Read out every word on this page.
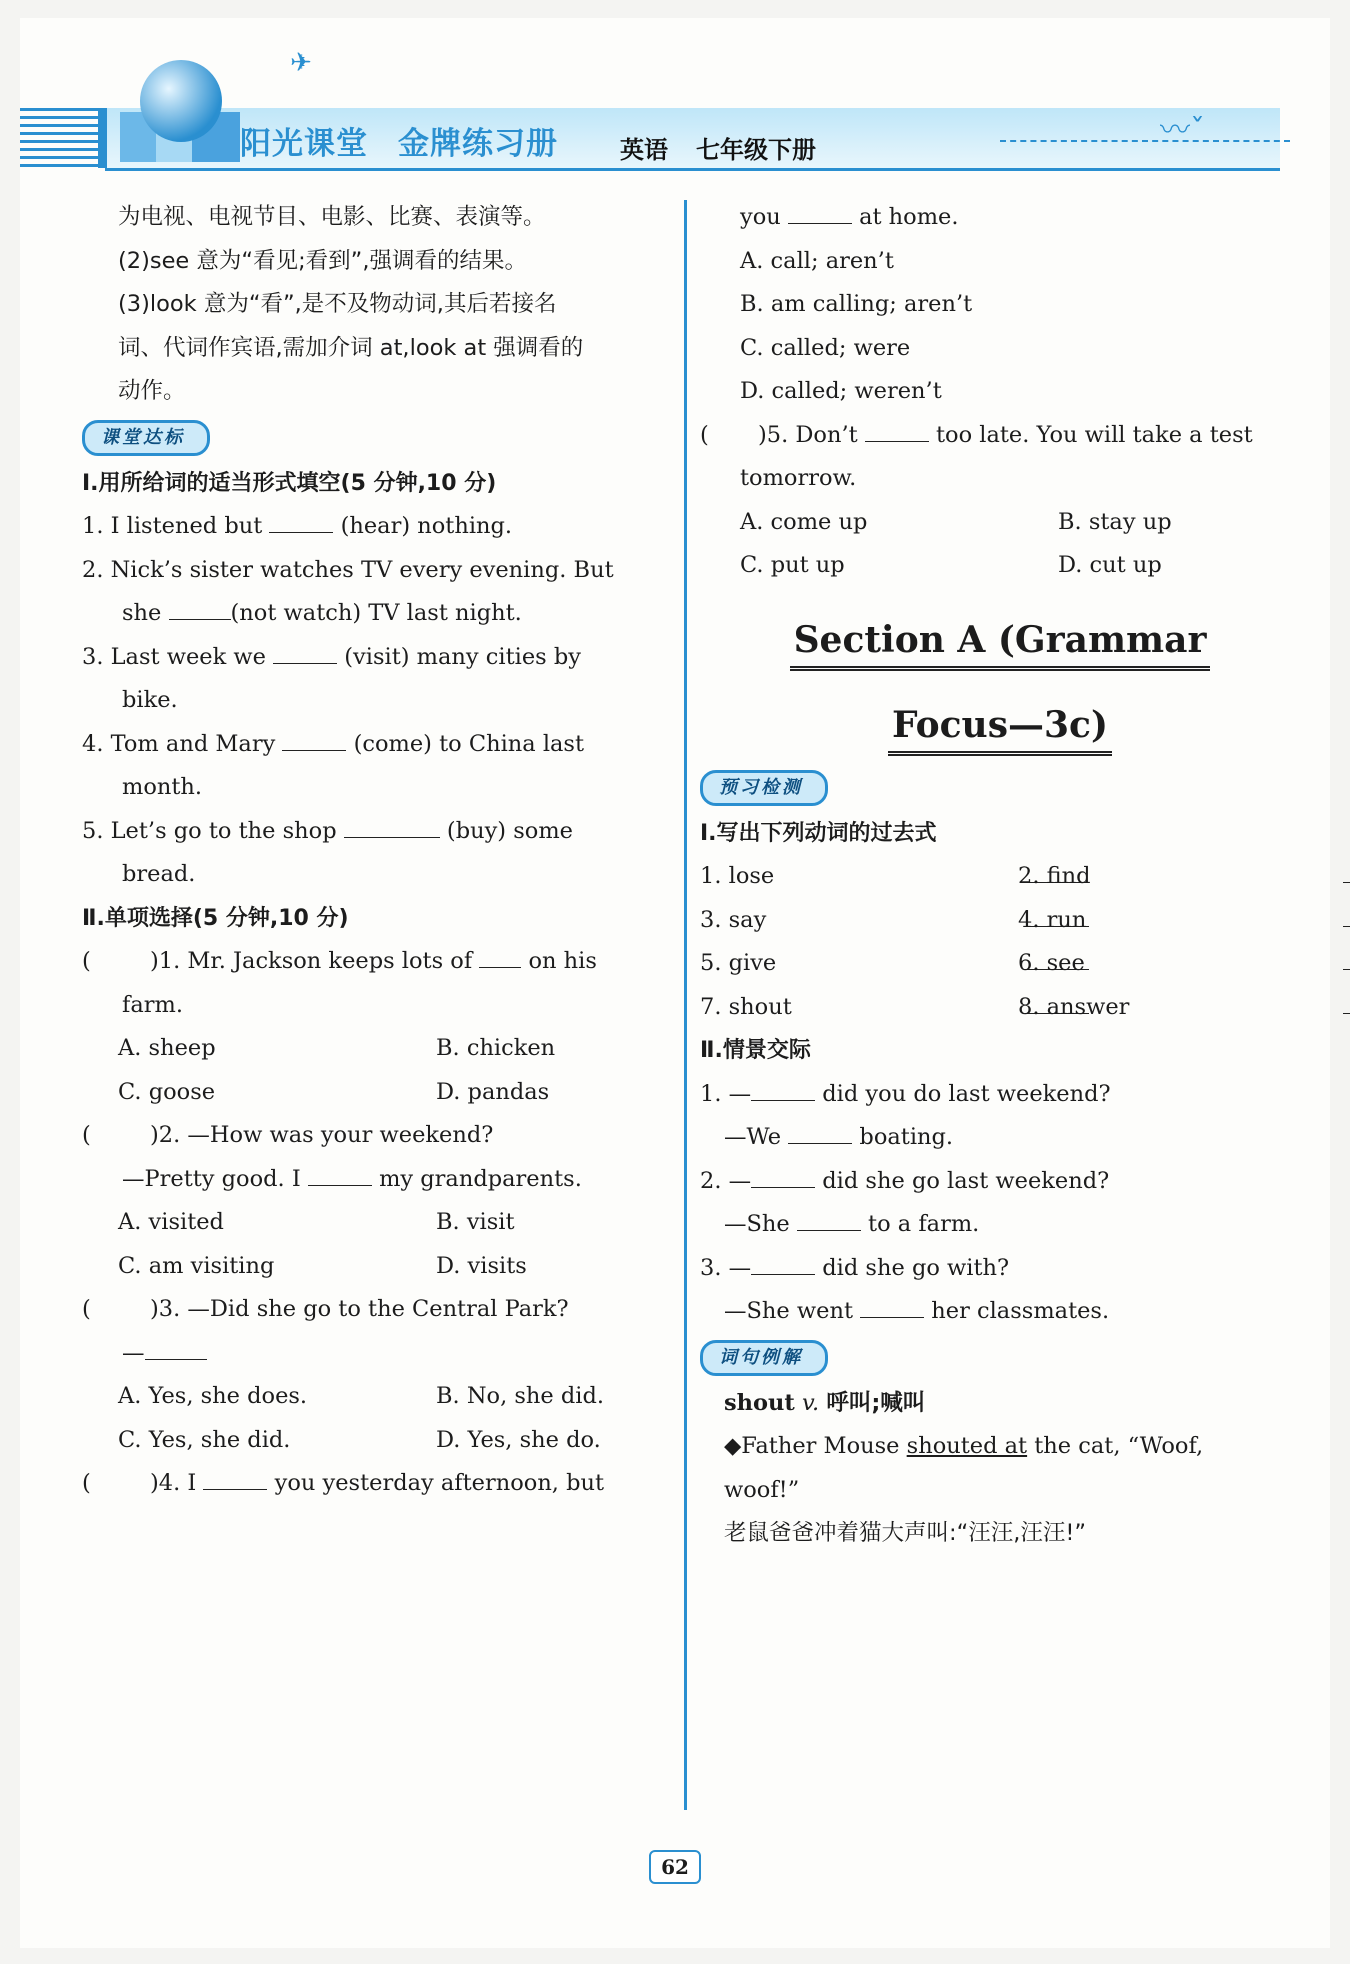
✈
阳光课堂 金牌练习册	英语 七年级下册
〰ˇ

为电视、电视节目、电影、比赛、表演等。

(2)see 意为“看见;看到”,强调看的结果。

(3)look 意为“看”,是不及物动词,其后若接名

词、代词作宾语,需加介词 at,look at 强调看的

动作。

课堂达标

Ⅰ.用所给词的适当形式填空(5 分钟,10 分)

1. I listened but	(hear) nothing.

2. Nick’s sister watches TV every evening. But

she	(not watch) TV last night.

3. Last week we	(visit) many cities by

bike.

4. Tom and Mary	(come) to China last

month.

5. Let’s go to the shop	(buy) some

bread.

Ⅱ.单项选择(5 分钟,10 分)

(	)1. Mr. Jackson keeps lots of	on his

farm.

A. sheep	B. chicken

C. goose	D. pandas

(	)2. —How was your weekend?

—Pretty good. I	my grandparents.

A. visited	B. visit

C. am visiting	D. visits

(	)3. —Did she go to the Central Park?

—

A. Yes, she does.	B. No, she did.

C. Yes, she did.	D. Yes, she do.

(	)4. I	you yesterday afternoon, but

you	at home.

A. call; aren’t

B. am calling; aren’t

C. called; were

D. called; weren’t

( )5. Don’t	too late. You will take a test

tomorrow.

A. come up	B. stay up

C. put up	D. cut up

Section A (Grammar
Focus—3c)
预习检测

Ⅰ.写出下列动词的过去式

1. lose	2. find

3. say	4. run

5. give	6. see

7. shout	8. answer

Ⅱ.情景交际

1. —	did you do last weekend?

—We	boating.

2. —	did she go last weekend?

—She	to a farm.

3. —	did she go with?

—She went	her classmates.

词句例解

shout v. 呼叫;喊叫

◆Father Mouse shouted at the cat, “Woof,

woof!”

老鼠爸爸冲着猫大声叫:“汪汪,汪汪!”

62
